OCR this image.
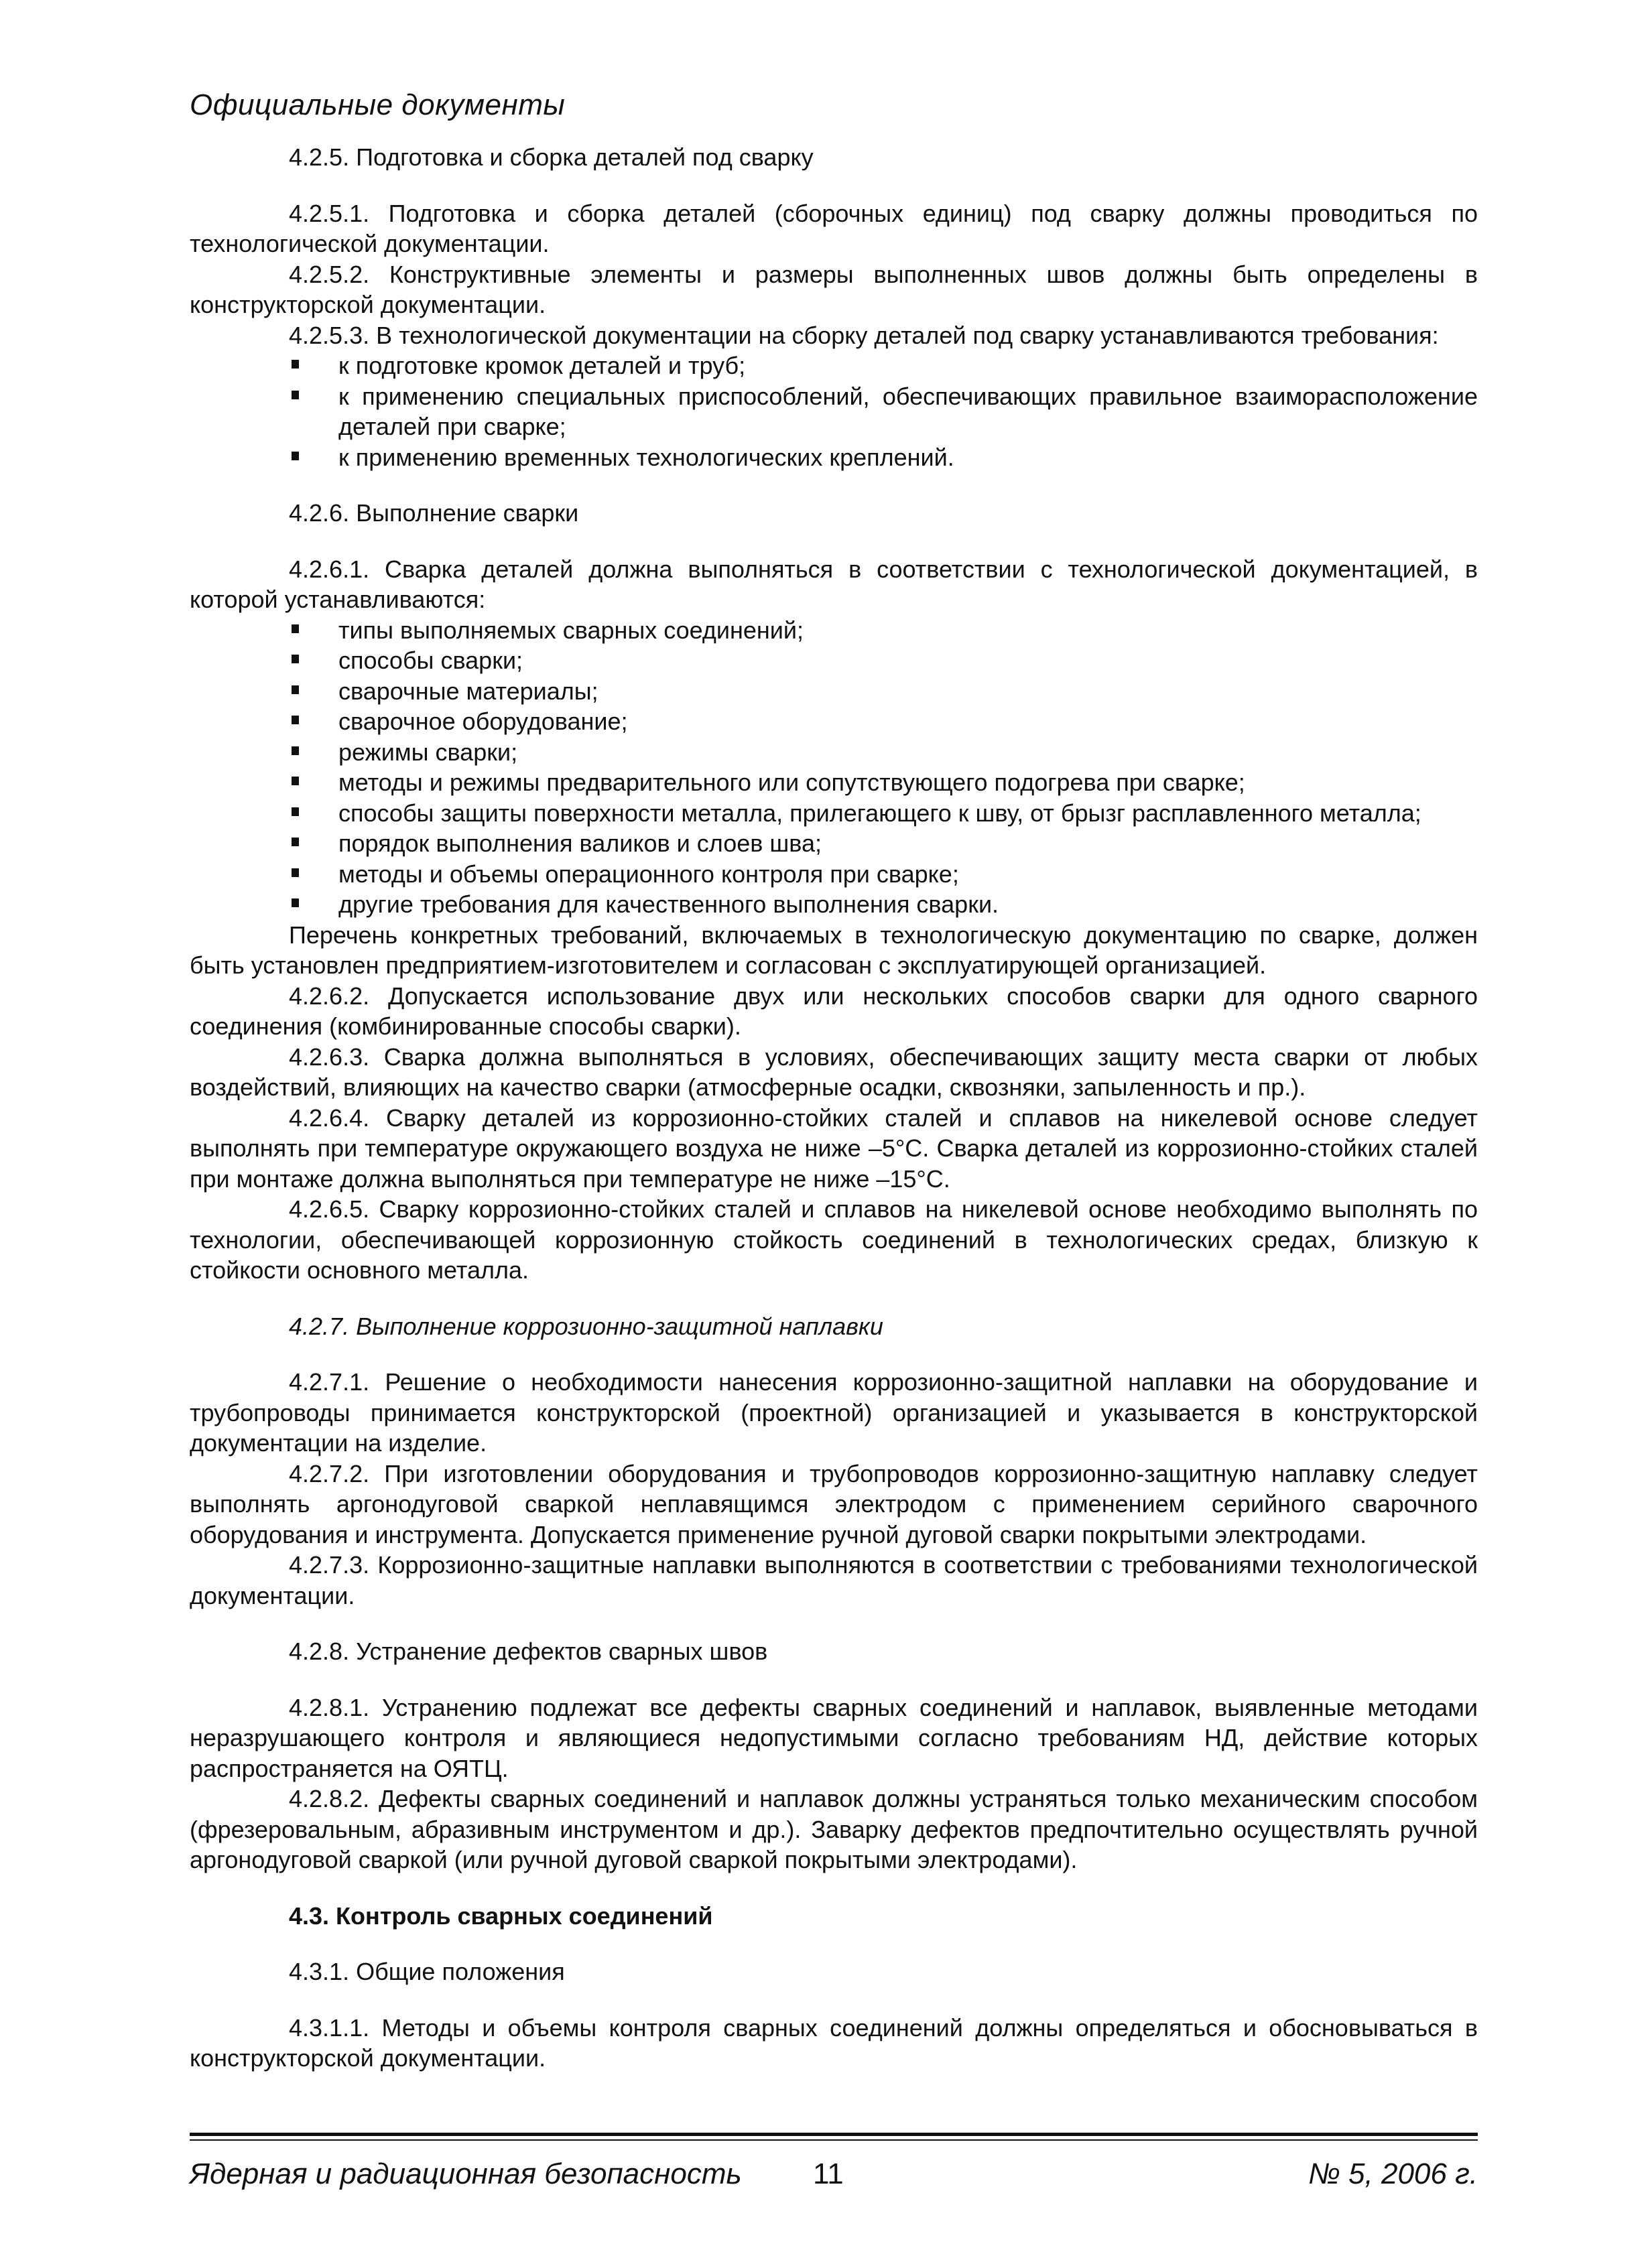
Официальные документы

4.2.5. Подготовка и сборка деталей под сварку

4.2.5.1. Подготовка и сборка деталей (сборочных единиц) под сварку должны проводиться по технологической документации.

4.2.5.2. Конструктивные элементы и размеры выполненных швов должны быть определены в конструкторской документации.

4.2.5.3. В технологической документации на сборку деталей под сварку устанавливаются требования:

к подготовке кромок деталей и труб;
к применению специальных приспособлений, обеспечивающих правильное взаиморасположение деталей при сварке;
к применению временных технологических креплений.

4.2.6. Выполнение сварки

4.2.6.1. Сварка деталей должна выполняться в соответствии с технологической документацией, в которой устанавливаются:

типы выполняемых сварных соединений;
способы сварки;
сварочные материалы;
сварочное оборудование;
режимы сварки;
методы и режимы предварительного или сопутствующего подогрева при сварке;
способы защиты поверхности металла, прилегающего к шву, от брызг расплавленного металла;
порядок выполнения валиков и слоев шва;
методы и объемы операционного контроля при сварке;
другие требования для качественного выполнения сварки.

Перечень конкретных требований, включаемых в технологическую документацию по сварке, должен быть установлен предприятием-изготовителем и согласован с эксплуатирующей организацией.

4.2.6.2. Допускается использование двух или нескольких способов сварки для одного сварного соединения (комбинированные способы сварки).

4.2.6.3. Сварка должна выполняться в условиях, обеспечивающих защиту места сварки от любых воздействий, влияющих на качество сварки (атмосферные осадки, сквозняки, запыленность и пр.).

4.2.6.4. Сварку деталей из коррозионно-стойких сталей и сплавов на никелевой основе следует выполнять при температуре окружающего воздуха не ниже –5°С. Сварка деталей из коррозионно-стойких сталей при монтаже должна выполняться при температуре не ниже –15°С.

4.2.6.5. Сварку коррозионно-стойких сталей и сплавов на никелевой основе необходимо выполнять по технологии, обеспечивающей коррозионную стойкость соединений в технологических средах, близкую к стойкости основного металла.

4.2.7. Выполнение коррозионно-защитной наплавки

4.2.7.1. Решение о необходимости нанесения коррозионно-защитной наплавки на оборудование и трубопроводы принимается конструкторской (проектной) организацией и указывается в конструкторской документации на изделие.

4.2.7.2. При изготовлении оборудования и трубопроводов коррозионно-защитную наплавку следует выполнять аргонодуговой сваркой неплавящимся электродом с применением серийного сварочного оборудования и инструмента. Допускается применение ручной дуговой сварки покрытыми электродами.

4.2.7.3. Коррозионно-защитные наплавки выполняются в соответствии с требованиями технологической документации.

4.2.8. Устранение дефектов сварных швов

4.2.8.1. Устранению подлежат все дефекты сварных соединений и наплавок, выявленные методами неразрушающего контроля и являющиеся недопустимыми согласно требованиям НД, действие которых распространяется на ОЯТЦ.

4.2.8.2. Дефекты сварных соединений и наплавок должны устраняться только механическим способом (фрезеровальным, абразивным инструментом и др.). Заварку дефектов предпочтительно осуществлять ручной аргонодуговой сваркой (или ручной дуговой сваркой покрытыми электродами).

4.3. Контроль сварных соединений

4.3.1. Общие положения

4.3.1.1. Методы и объемы контроля сварных соединений должны определяться и обосновываться в конструкторской документации.

Ядерная и радиационная безопасность 11	№ 5, 2006 г.
